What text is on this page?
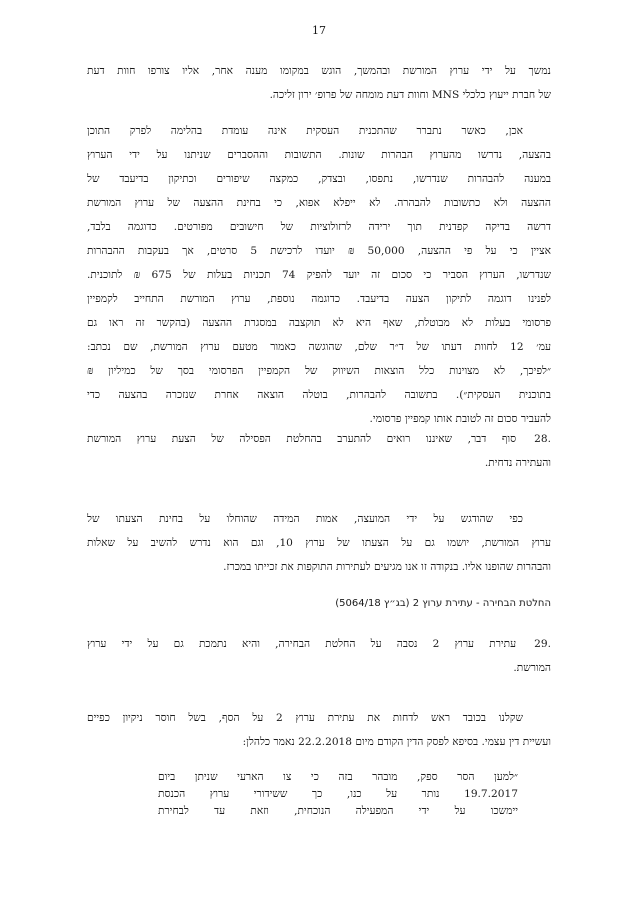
17
נמשך על ידי ערוץ המורשת ובהמשך, הוגש במקומו מענה אחר, אליו צורפו חוות דעת
של חברת ייעוץ כלכלי MNS וחוות דעת מומחה של פרופ׳ ירון זליכה.
אכן, כאשר נתברר שהתכנית העסקית אינה עומדת בהלימה לפרק התוכן
בהצעה, נדרשו מהערוץ הבהרות שונות. התשובות וההסברים שניתנו על ידי הערוץ
במענה להבהרות שנדרשו, נתפסו, ובצדק, כמקצה שיפורים וכתיקון בדיעבד של
ההצעה ולא כתשובות להבהרה. לא ייפלא אפוא, כי בחינת ההצעה של ערוץ המורשת
דרשה בדיקה קפדנית תוך ירידה לרזולוציות של חישובים מפורטים. כדוגמה בלבד,
אציין כי על פי ההצעה, 50,000 ₪ יועדו לרכישת 5 סרטים, אך בעקבות ההבהרות
שנדרשו, הערוץ הסביר כי סכום זה יועד להפיק 74 תכניות בעלות של 675 ₪ לתוכנית.
לפנינו דוגמה לתיקון הצעה בדיעבד. כדוגמה נוספת, ערוץ המורשת התחייב לקמפיין
פרסומי בעלות לא מבוטלת, שאף היא לא תוקצבה במסגרת ההצעה (בהקשר זה ראו גם
עמ׳ 12 לחוות דעתו של ד״ר שלם, שהוגשה כאמור מטעם ערוץ המורשת, שם נכתב:
״לפיכך, לא מצוינות כלל הוצאות השיווק של הקמפיין הפרסומי בסך של כמיליון ₪
בתוכנית העסקית״). בתשובה להבהרות, בוטלה הוצאה אחרת שנזכרה בהצעה כדי
להעביר סכום זה לטובת אותו קמפיין פרסומי.
.28סוף דבר, שאיננו רואים להתערב בהחלטת הפסילה של הצעת ערוץ המורשת
והעתירה נדחית.
כפי שהודגש על ידי המועצה, אמות המידה שהוחלו על בחינת הצעתו של
ערוץ המורשת, יושמו גם על הצעתו של ערוץ 10, וגם הוא נדרש להשיב על שאלות
והבהרות שהופנו אליו. בנקודה זו אנו מגיעים לעתירות התוקפות את זכייתו במכרז.
החלטת הבחירה - עתירת ערוץ 2 (בג״ץ 5064/18)
.29עתירת ערוץ 2 נסבה על החלטת הבחירה, והיא נתמכת גם על ידי ערוץ
המורשת.
שקלנו בכובד ראש לדחות את עתירת ערוץ 2 על הסף, בשל חוסר ניקיון כפיים
ועשיית דין עצמי. בסיפא לפסק הדין הקודם מיום 22.2.2018 נאמר כלהלן:
״למען הסר ספק, מובהר בזה כי צו הארעי שניתן ביום
19.7.2017 נותר על כנו, כך ששידורי ערוץ הכנסת
יימשכו על ידי המפעילה הנוכחית, וזאת עד לבחירת
